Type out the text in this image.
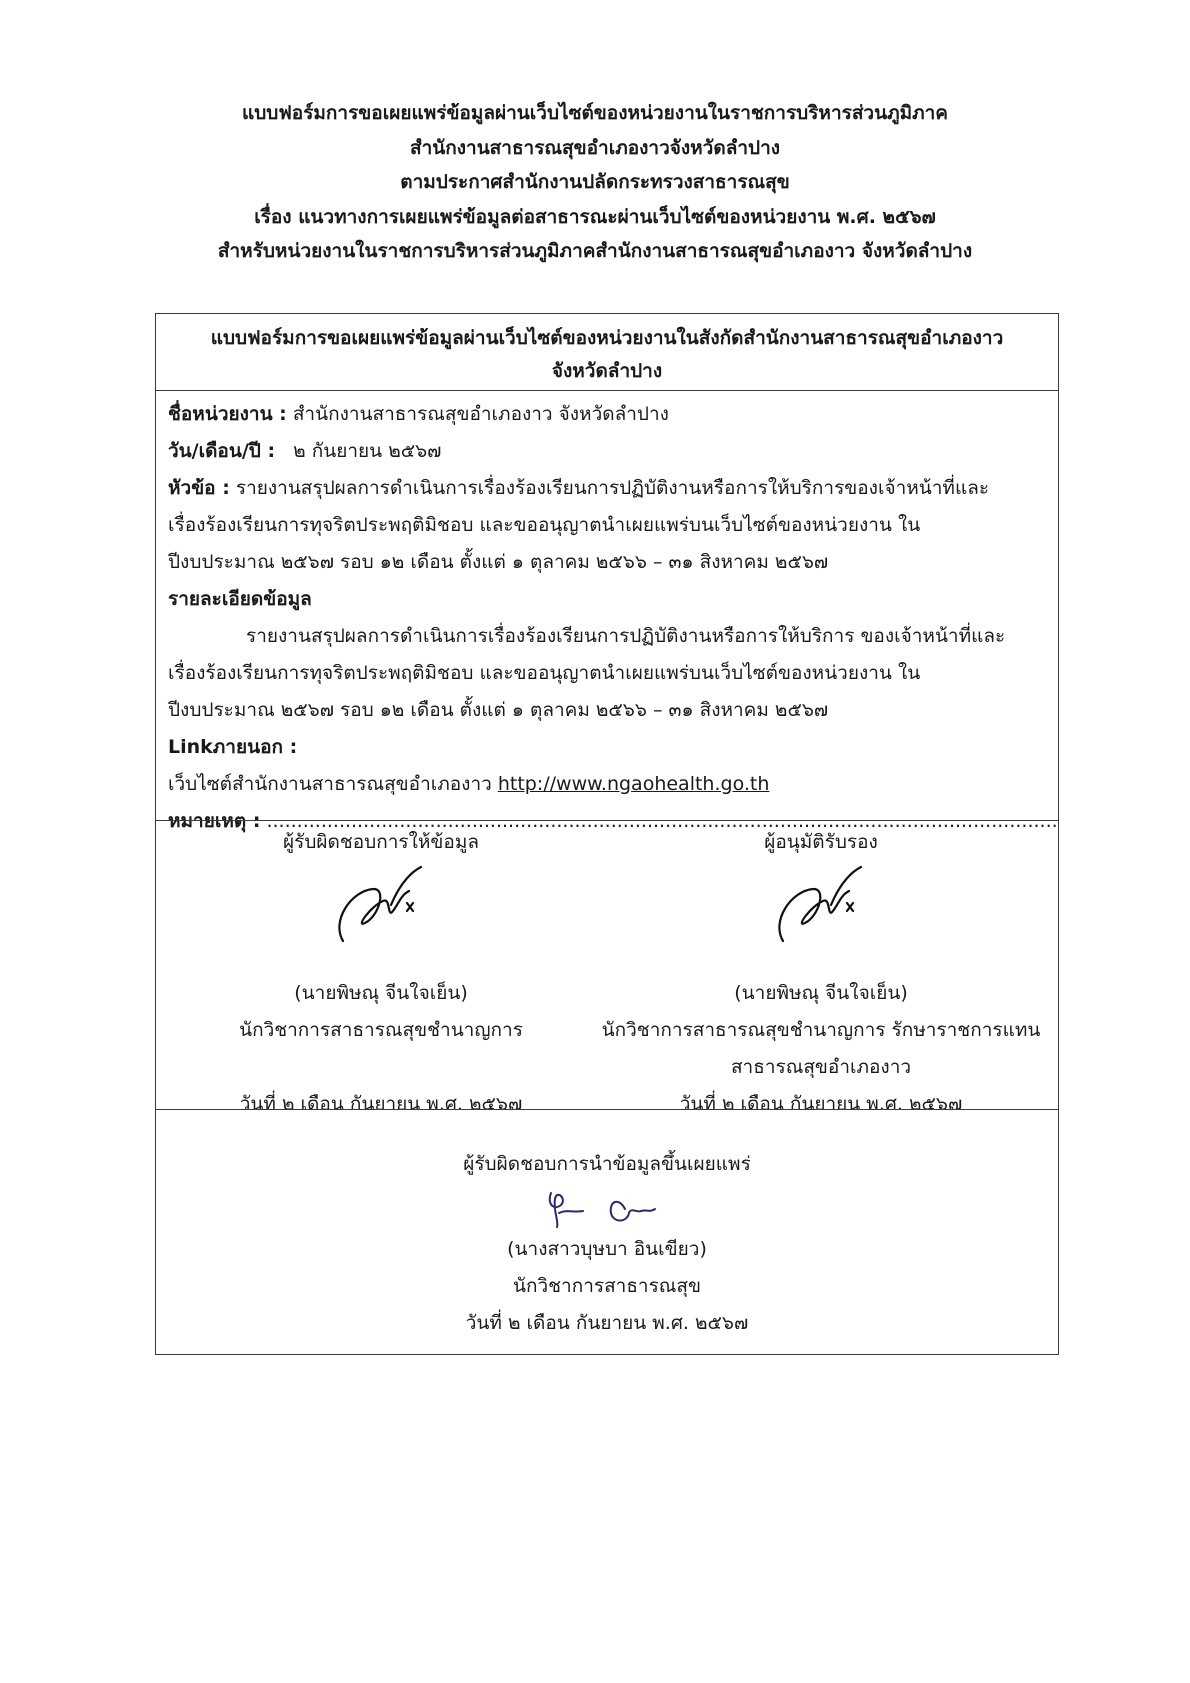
แบบฟอร์มการขอเผยแพร่ข้อมูลผ่านเว็บไซต์ของหน่วยงานในราชการบริหารส่วนภูมิภาค
สำนักงานสาธารณสุขอำเภองาวจังหวัดลำปาง
ตามประกาศสำนักงานปลัดกระทรวงสาธารณสุข
เรื่อง แนวทางการเผยแพร่ข้อมูลต่อสาธารณะผ่านเว็บไซต์ของหน่วยงาน พ.ศ. ๒๕๖๗
สำหรับหน่วยงานในราชการบริหารส่วนภูมิภาคสำนักงานสาธารณสุขอำเภองาว จังหวัดลำปาง
แบบฟอร์มการขอเผยแพร่ข้อมูลผ่านเว็บไซต์ของหน่วยงานในสังกัดสำนักงานสาธารณสุขอำเภองาว
จังหวัดลำปาง
ชื่อหน่วยงาน : สำนักงานสาธารณสุขอำเภองาว จังหวัดลำปาง
วัน/เดือน/ปี : ๒ กันยายน ๒๕๖๗
หัวข้อ : รายงานสรุปผลการดำเนินการเรื่องร้องเรียนการปฏิบัติงานหรือการให้บริการของเจ้าหน้าที่และ
เรื่องร้องเรียนการทุจริตประพฤติมิชอบ และขออนุญาตนำเผยแพร่บนเว็บไซต์ของหน่วยงาน ใน
ปีงบประมาณ ๒๕๖๗ รอบ ๑๒ เดือน ตั้งแต่ ๑ ตุลาคม ๒๕๖๖ – ๓๑ สิงหาคม ๒๕๖๗
รายละเอียดข้อมูล
รายงานสรุปผลการดำเนินการเรื่องร้องเรียนการปฏิบัติงานหรือการให้บริการ ของเจ้าหน้าที่และ
เรื่องร้องเรียนการทุจริตประพฤติมิชอบ และขออนุญาตนำเผยแพร่บนเว็บไซต์ของหน่วยงาน ใน
ปีงบประมาณ ๒๕๖๗ รอบ ๑๒ เดือน ตั้งแต่ ๑ ตุลาคม ๒๕๖๖ – ๓๑ สิงหาคม ๒๕๖๗
Linkภายนอก :
เว็บไซต์สำนักงานสาธารณสุขอำเภองาว http://www.ngaohealth.go.th
หมายเหตุ : ...................................................................................................................................
ผู้รับผิดชอบการให้ข้อมูล
(นายพิษณุ จีนใจเย็น)
นักวิชาการสาธารณสุขชำนาญการ
วันที่ ๒ เดือน กันยายน พ.ศ. ๒๕๖๗
ผู้อนุมัติรับรอง
(นายพิษณุ จีนใจเย็น)
นักวิชาการสาธารณสุขชำนาญการ รักษาราชการแทน
สาธารณสุขอำเภองาว
วันที่ ๒ เดือน กันยายน พ.ศ. ๒๕๖๗
ผู้รับผิดชอบการนำข้อมูลขึ้นเผยแพร่
(นางสาวบุษบา อินเขียว)
นักวิชาการสาธารณสุข
วันที่ ๒ เดือน กันยายน พ.ศ. ๒๕๖๗
